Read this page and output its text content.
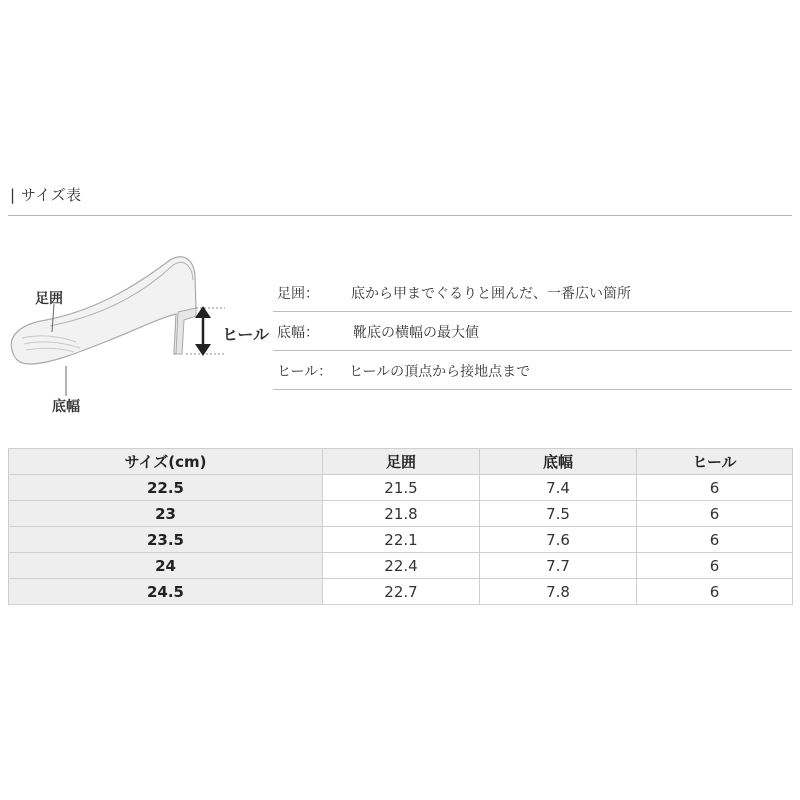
| サイズ表
足囲
底幅
ヒール
足囲： 底から甲までぐるりと囲んだ、一番広い箇所
底幅： 靴底の横幅の最大値
ヒール： ヒールの頂点から接地点まで
サイズ(cm)	足囲	底幅	ヒール
22.5	21.5	7.4	6
23	21.8	7.5	6
23.5	22.1	7.6	6
24	22.4	7.7	6
24.5	22.7	7.8	6
